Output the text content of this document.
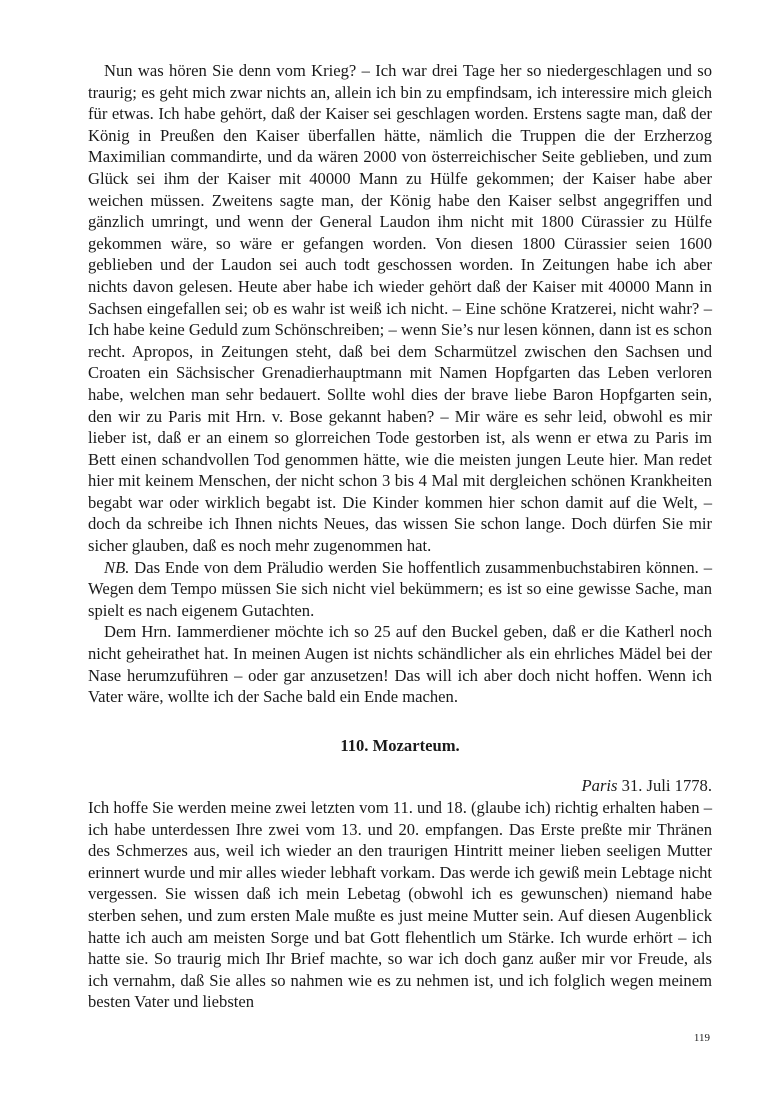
Nun was hören Sie denn vom Krieg? – Ich war drei Tage her so niedergeschlagen und so traurig; es geht mich zwar nichts an, allein ich bin zu empfindsam, ich interessire mich gleich für etwas. Ich habe gehört, daß der Kaiser sei geschlagen worden. Erstens sagte man, daß der König in Preußen den Kaiser überfallen hätte, nämlich die Truppen die der Erzherzog Maximilian commandirte, und da wären 2000 von österreichischer Seite geblieben, und zum Glück sei ihm der Kaiser mit 40000 Mann zu Hülfe gekommen; der Kaiser habe aber weichen müssen. Zweitens sagte man, der König habe den Kaiser selbst angegriffen und gänzlich umringt, und wenn der General Laudon ihm nicht mit 1800 Cürassier zu Hülfe gekommen wäre, so wäre er gefangen worden. Von diesen 1800 Cürassier seien 1600 geblieben und der Laudon sei auch todt geschossen worden. In Zeitungen habe ich aber nichts davon gelesen. Heute aber habe ich wieder gehört daß der Kaiser mit 40000 Mann in Sachsen eingefallen sei; ob es wahr ist weiß ich nicht. – Eine schöne Kratzerei, nicht wahr? – Ich habe keine Geduld zum Schönschreiben; – wenn Sie’s nur lesen können, dann ist es schon recht. Apropos, in Zeitungen steht, daß bei dem Scharmützel zwischen den Sachsen und Croaten ein Sächsischer Grenadierhauptmann mit Namen Hopfgarten das Leben verloren habe, welchen man sehr bedauert. Sollte wohl dies der brave liebe Baron Hopfgarten sein, den wir zu Paris mit Hrn. v. Bose gekannt haben? – Mir wäre es sehr leid, obwohl es mir lieber ist, daß er an einem so glorreichen Tode gestorben ist, als wenn er etwa zu Paris im Bett einen schandvollen Tod genommen hätte, wie die meisten jungen Leute hier. Man redet hier mit keinem Menschen, der nicht schon 3 bis 4 Mal mit dergleichen schönen Krankheiten begabt war oder wirklich begabt ist. Die Kinder kommen hier schon damit auf die Welt, – doch da schreibe ich Ihnen nichts Neues, das wissen Sie schon lange. Doch dürfen Sie mir sicher glauben, daß es noch mehr zugenommen hat.

NB. Das Ende von dem Präludio werden Sie hoffentlich zusammenbuchstabiren können. – Wegen dem Tempo müssen Sie sich nicht viel bekümmern; es ist so eine gewisse Sache, man spielt es nach eigenem Gutachten.

Dem Hrn. Iammerdiener möchte ich so 25 auf den Buckel geben, daß er die Katherl noch nicht geheirathet hat. In meinen Augen ist nichts schändlicher als ein ehrliches Mädel bei der Nase herumzuführen – oder gar anzusetzen! Das will ich aber doch nicht hoffen. Wenn ich Vater wäre, wollte ich der Sache bald ein Ende machen.

110. Mozarteum.

Paris 31. Juli 1778.

Ich hoffe Sie werden meine zwei letzten vom 11. und 18. (glaube ich) richtig erhalten haben – ich habe unterdessen Ihre zwei vom 13. und 20. empfangen. Das Erste preßte mir Thränen des Schmerzes aus, weil ich wieder an den traurigen Hintritt meiner lieben seeligen Mutter erinnert wurde und mir alles wieder lebhaft vorkam. Das werde ich gewiß mein Lebtage nicht vergessen. Sie wissen daß ich mein Lebetag (obwohl ich es gewunschen) niemand habe sterben sehen, und zum ersten Male mußte es just meine Mutter sein. Auf diesen Augenblick hatte ich auch am meisten Sorge und bat Gott flehentlich um Stärke. Ich wurde erhört – ich hatte sie. So traurig mich Ihr Brief machte, so war ich doch ganz außer mir vor Freude, als ich vernahm, daß Sie alles so nahmen wie es zu nehmen ist, und ich folglich wegen meinem besten Vater und liebsten

119
